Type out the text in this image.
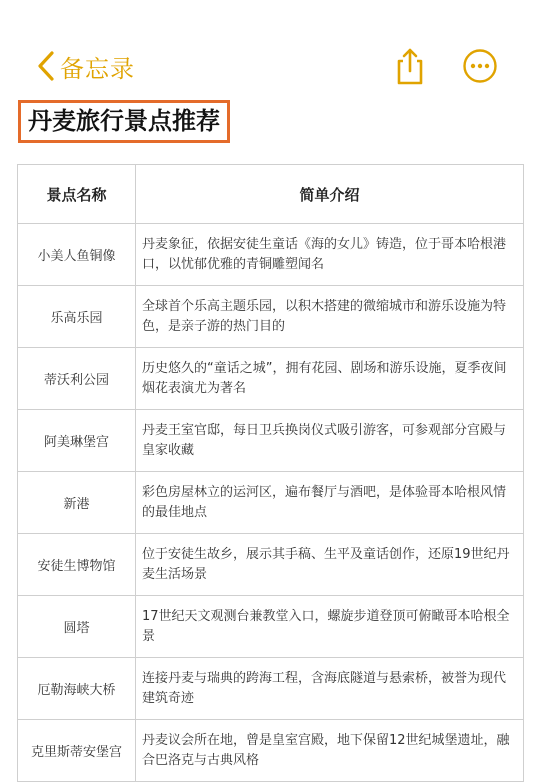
备忘录
丹麦旅行景点推荐
景点名称	简单介绍
小美人鱼铜像	丹麦象征，依据安徒生童话《海的女儿》铸造，位于哥本哈根港口，以忧郁优雅的青铜雕塑闻名
乐高乐园	全球首个乐高主题乐园，以积木搭建的微缩城市和游乐设施为特色，是亲子游的热门目的
蒂沃利公园	历史悠久的“童话之城”，拥有花园、剧场和游乐设施，夏季夜间烟花表演尤为著名
阿美琳堡宫	丹麦王室官邸，每日卫兵换岗仪式吸引游客，可参观部分宫殿与皇家收藏
新港	彩色房屋林立的运河区，遍布餐厅与酒吧，是体验哥本哈根风情的最佳地点
安徒生博物馆	位于安徒生故乡，展示其手稿、生平及童话创作，还原19世纪丹麦生活场景
圆塔	17世纪天文观测台兼教堂入口，螺旋步道登顶可俯瞰哥本哈根全景
厄勒海峡大桥	连接丹麦与瑞典的跨海工程，含海底隧道与悬索桥，被誉为现代建筑奇迹
克里斯蒂安堡宫	丹麦议会所在地，曾是皇室宫殿，地下保留12世纪城堡遗址，融合巴洛克与古典风格
